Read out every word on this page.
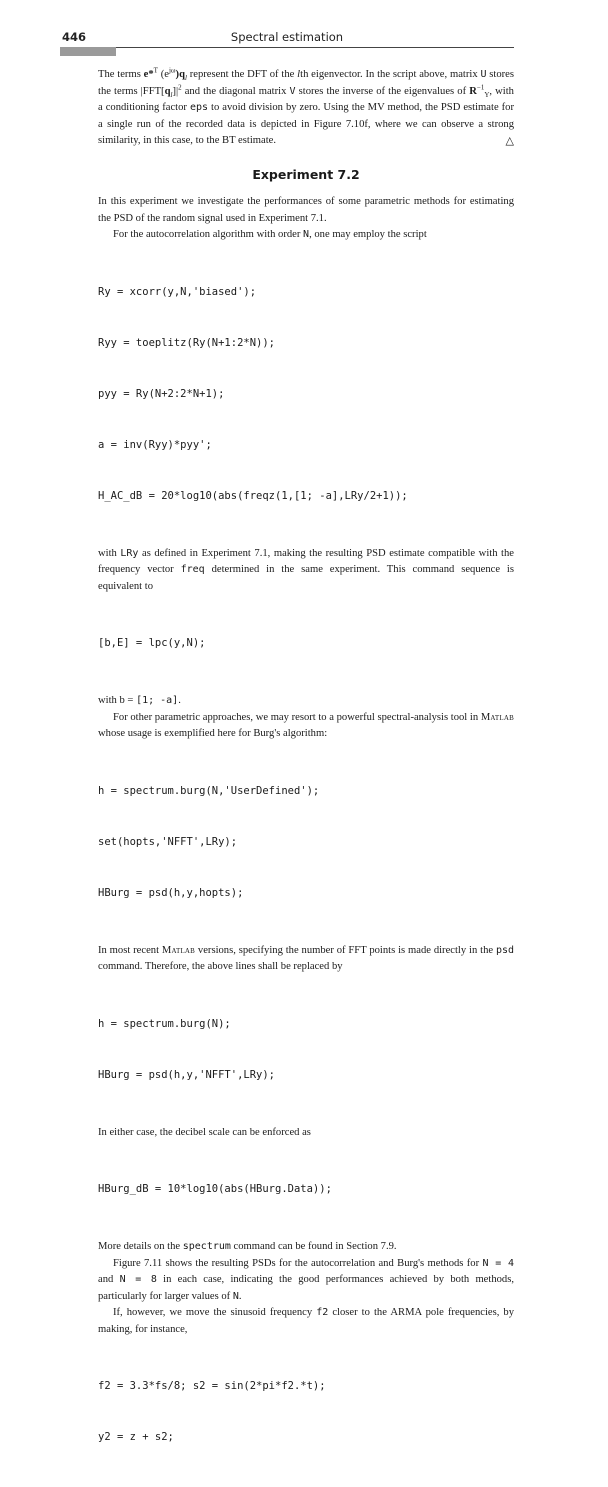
446	Spectral estimation

The terms e*$^T$ $(e^{j\omega})q_l$ represent the DFT of the lth eigenvector. In the script above, matrix U stores the terms $|FFT[q_l]|^2$ and the diagonal matrix V stores the inverse of the eigenvalues of $R^{-1}_Y$, with a conditioning factor eps to avoid division by zero. Using the MV method, the PSD estimate for a single run of the recorded data is depicted in Figure 7.10f, where we can observe a strong similarity, in this case, to the BT estimate.	△

Experiment 7.2

In this experiment we investigate the performances of some parametric methods for estimating the PSD of the random signal used in Experiment 7.1.

For the autocorrelation algorithm with order N, one may employ the script

Ry = xcorr(y,N,'biased');

Ryy = toeplitz(Ry(N+1:2*N));

pyy = Ry(N+2:2*N+1);

a = inv(Ryy)*pyy';

H_AC_dB = 20*log10(abs(freqz(1,[1; -a],LRy/2+1));

with LRy as defined in Experiment 7.1, making the resulting PSD estimate compatible with the frequency vector freq determined in the same experiment. This command sequence is equivalent to

[b,E] = lpc(y,N);

with b = [1; -a].

For other parametric approaches, we may resort to a powerful spectral-analysis tool in Matlab whose usage is exemplified here for Burg's algorithm:

h = spectrum.burg(N,'UserDefined');

set(hopts,'NFFT',LRy);

HBurg = psd(h,y,hopts);

In most recent Matlab versions, specifying the number of FFT points is made directly in the psd command. Therefore, the above lines shall be replaced by

h = spectrum.burg(N);

HBurg = psd(h,y,'NFFT',LRy);

In either case, the decibel scale can be enforced as

HBurg_dB = 10*log10(abs(HBurg.Data));

More details on the spectrum command can be found in Section 7.9.

Figure 7.11 shows the resulting PSDs for the autocorrelation and Burg's methods for N = 4 and N = 8 in each case, indicating the good performances achieved by both methods, particularly for larger values of N.

If, however, we move the sinusoid frequency f2 closer to the ARMA pole frequencies, by making, for instance,

f2 = 3.3*fs/8; s2 = sin(2*pi*f2.*t);

y2 = z + s2;
